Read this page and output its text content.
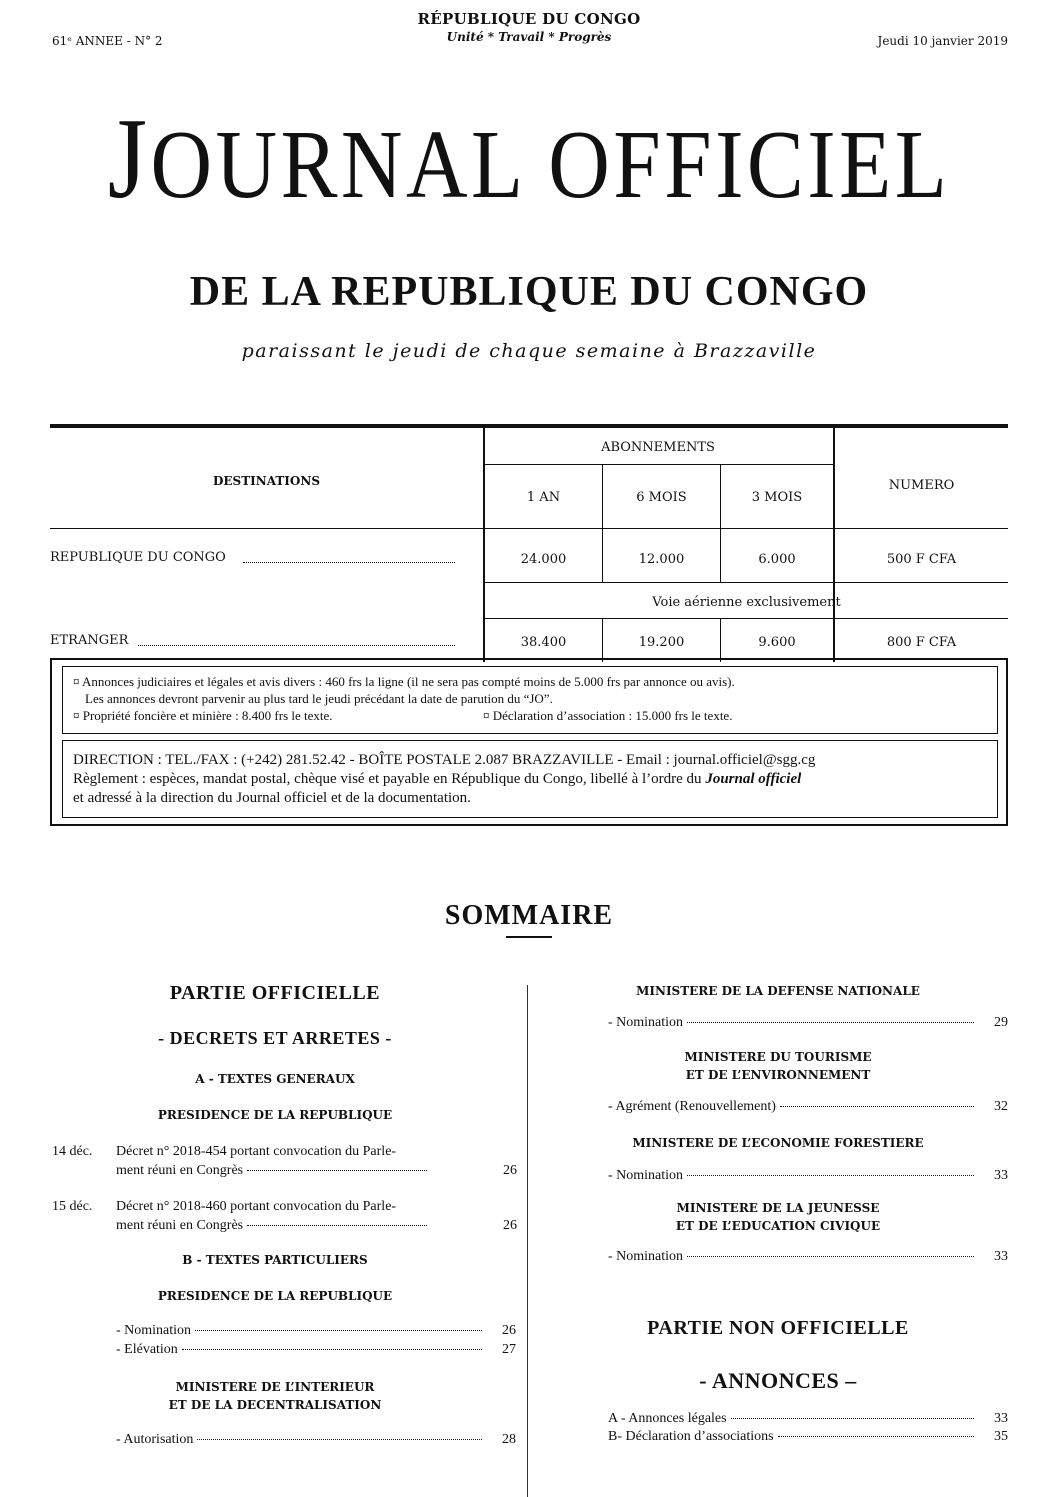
61ᵉ ANNEE - N° 2
RÉPUBLIQUE DU CONGO
Unité * Travail * Progrès	Jeudi 10 janvier 2019
JOURNAL OFFICIEL
DE LA REPUBLIQUE DU CONGO
paraissant le jeudi de chaque semaine à Brazzaville
DESTINATIONS
ABONNEMENTS
NUMERO
1 AN	6 MOIS	3 MOIS
REPUBLIQUE DU CONGO	24.000	12.000	6.000	500 F CFA
Voie aérienne exclusivement
ETRANGER	38.400	19.200	9.600	800 F CFA
¤ Annonces judiciaires et légales et avis divers : 460 frs la ligne (il ne sera pas compté moins de 5.000 frs par annonce ou avis).
Les annonces devront parvenir au plus tard le jeudi précédant la date de parution du “JO”.
¤ Propriété foncière et minière : 8.400 frs le texte.	¤ Déclaration d’association : 15.000 frs le texte.
DIRECTION : TEL./FAX : (+242) 281.52.42 - BOÎTE POSTALE 2.087 BRAZZAVILLE - Email : journal.officiel@sgg.cg
Règlement : espèces, mandat postal, chèque visé et payable en République du Congo, libellé à l’ordre du Journal officiel
et adressé à la direction du Journal officiel et de la documentation.
SOMMAIRE
PARTIE OFFICIELLE
- DECRETS ET ARRETES -
A - TEXTES GENERAUX
PRESIDENCE DE LA REPUBLIQUE
14 déc. Décret n° 2018-454 portant convocation du Parle-
ment réuni en Congrès	26
15 déc. Décret n° 2018-460 portant convocation du Parle-
ment réuni en Congrès	26
B - TEXTES PARTICULIERS
PRESIDENCE DE LA REPUBLIQUE
- Nomination	26
- Elévation	27
MINISTERE DE L’INTERIEUR
ET DE LA DECENTRALISATION
- Autorisation	28
MINISTERE DE LA DEFENSE NATIONALE
- Nomination	29
MINISTERE DU TOURISME
ET DE L’ENVIRONNEMENT
- Agrément (Renouvellement)	32
MINISTERE DE L’ECONOMIE FORESTIERE
- Nomination	33
MINISTERE DE LA JEUNESSE
ET DE L’EDUCATION CIVIQUE
- Nomination	33
PARTIE NON OFFICIELLE
- ANNONCES –
A - Annonces légales	33
B- Déclaration d’associations	35
